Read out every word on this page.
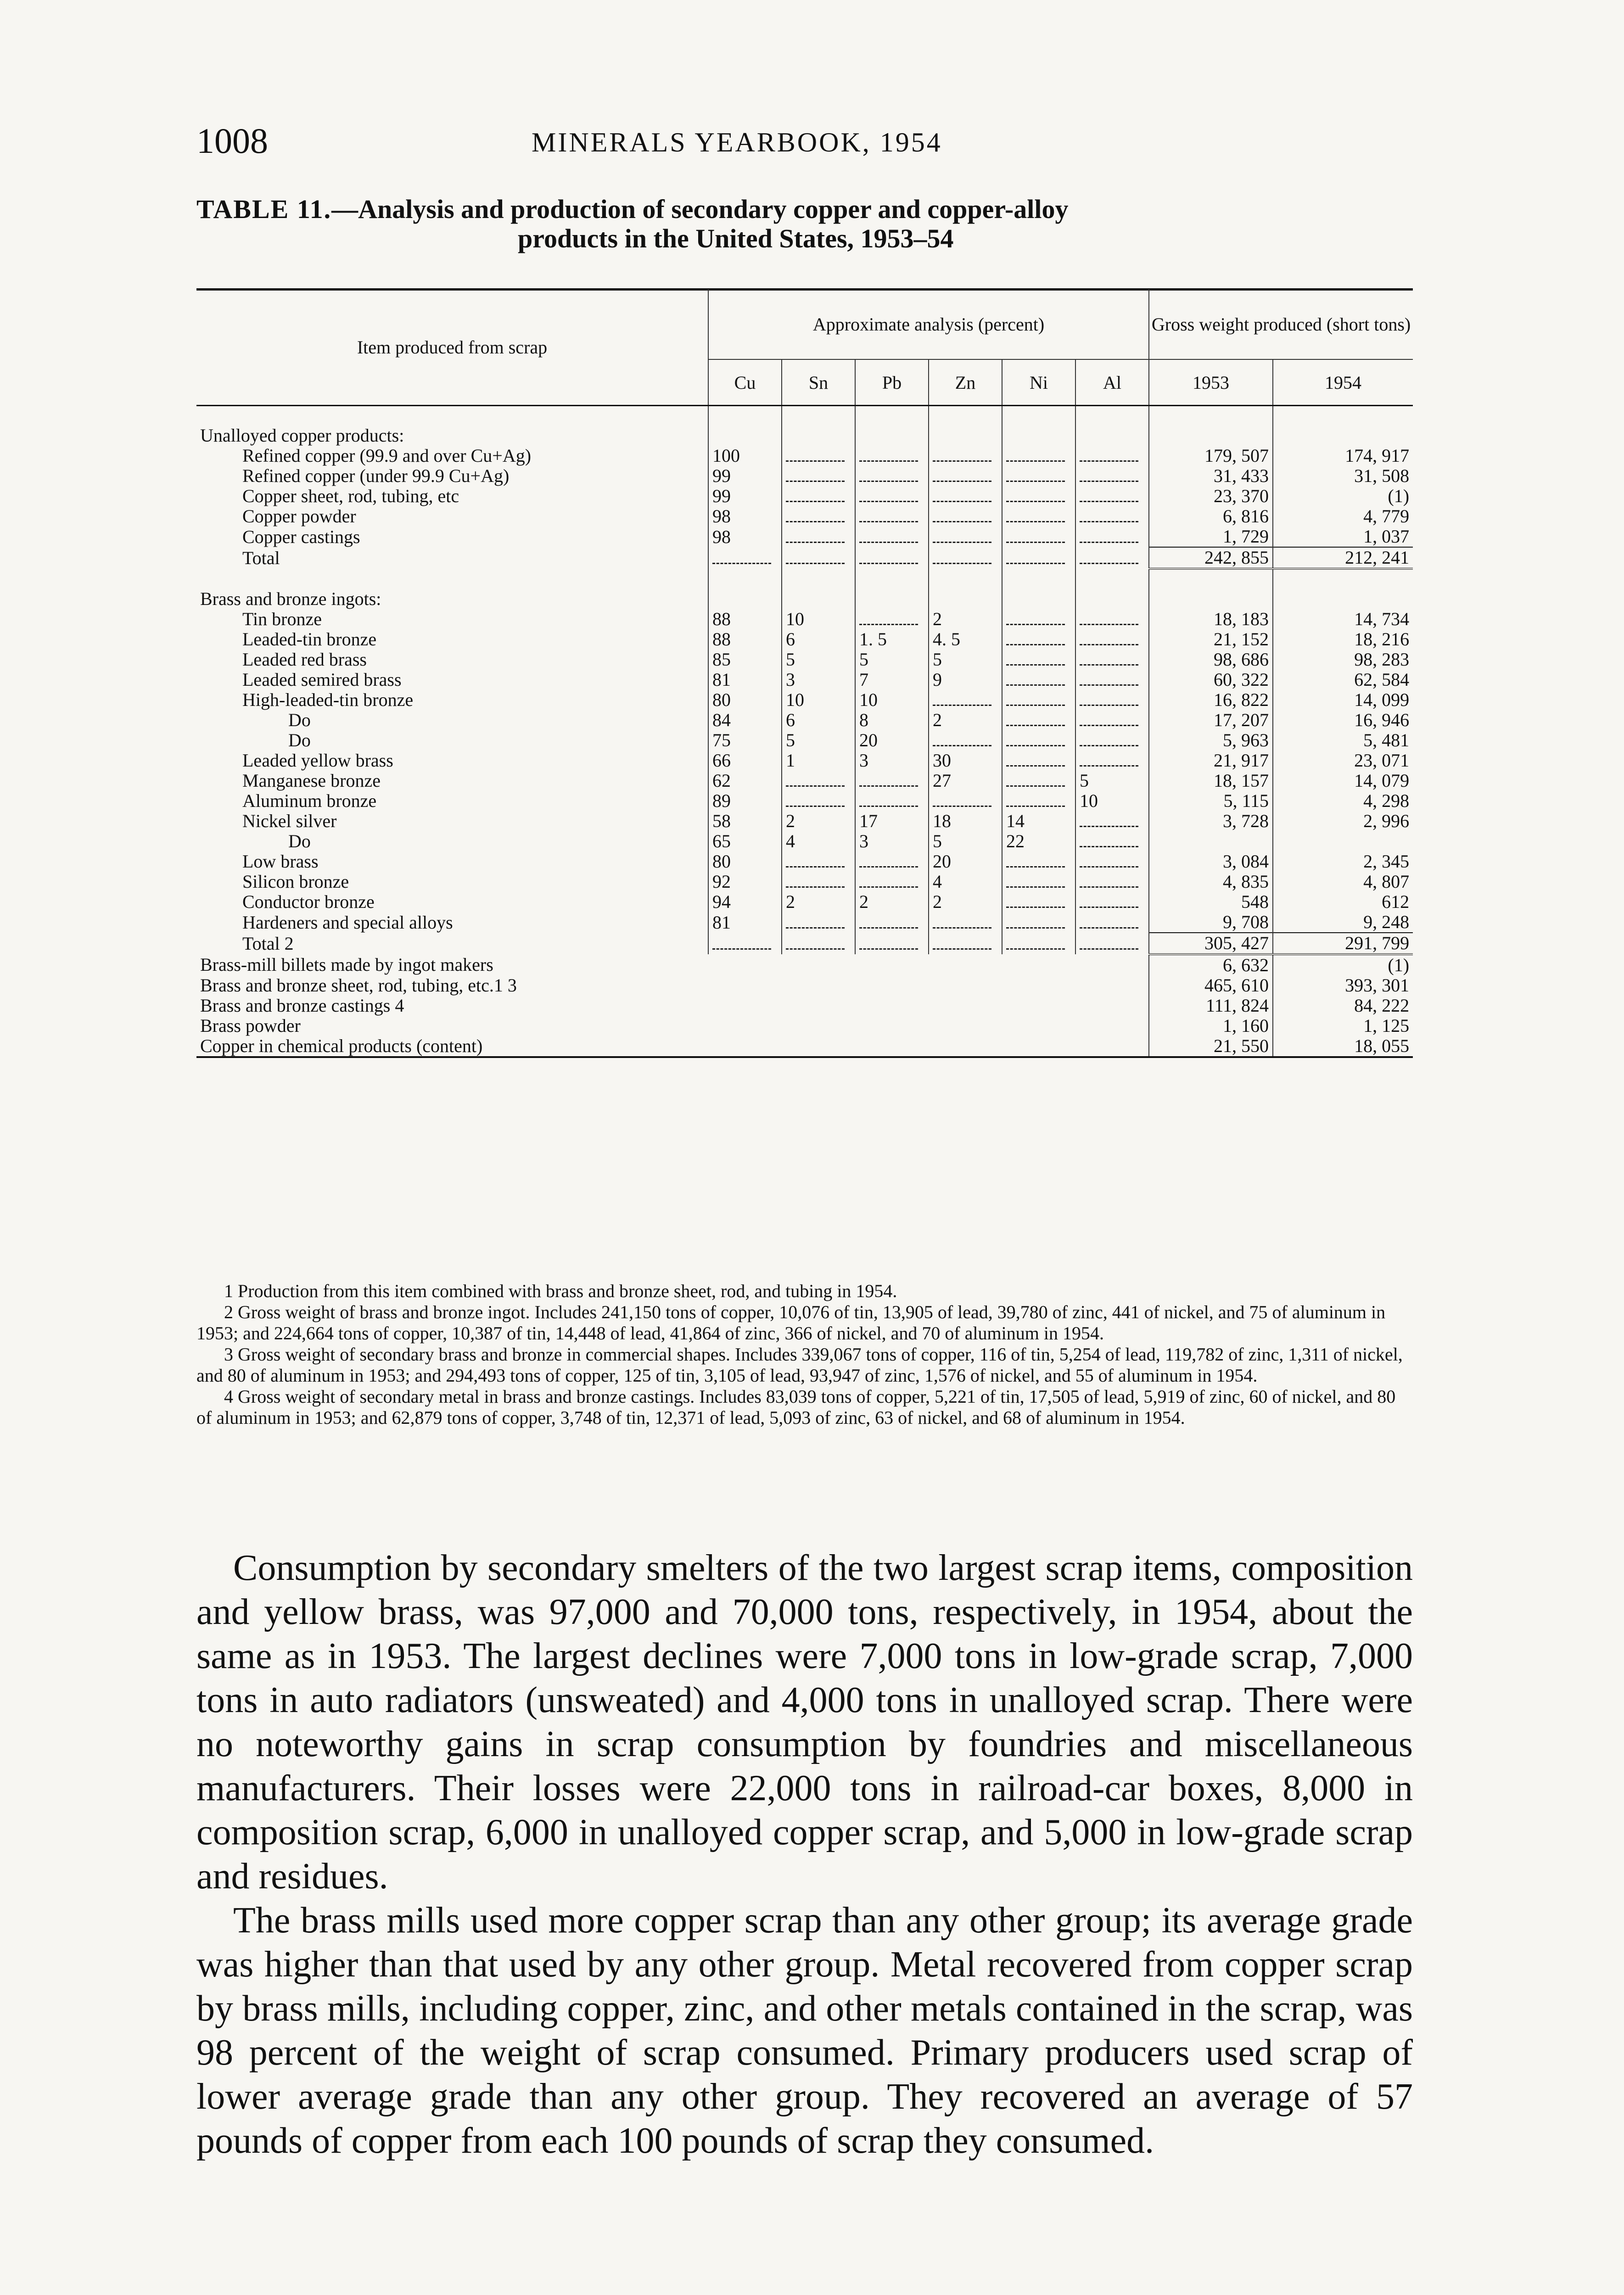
1008	MINERALS YEARBOOK, 1954
TABLE 11.—Analysis and production of secondary copper and copper-alloy
products in the United States, 1953–54
Item produced from scrap	Approximate analysis (percent)						Gross weight produced (short tons)	
	Cu	Sn	Pb	Zn	Ni	Al	1953	1954

Unalloyed copper products:								
Refined copper (99.9 and over Cu+Ag)	100						179, 507	174, 917
Refined copper (under 99.9 Cu+Ag)	99						31, 433	31, 508
Copper sheet, rod, tubing, etc	99						23, 370	(1)
Copper powder	98						6, 816	4, 779
Copper castings	98						1, 729	1, 037
Total							242, 855	212, 241

Brass and bronze ingots:								
Tin bronze	88	10		2			18, 183	14, 734
Leaded-tin bronze	88	6	1. 5	4. 5			21, 152	18, 216
Leaded red brass	85	5	5	5			98, 686	98, 283
Leaded semired brass	81	3	7	9			60, 322	62, 584
High-leaded-tin bronze	80	10	10				16, 822	14, 099
Do	84	6	8	2			17, 207	16, 946
Do	75	5	20				5, 963	5, 481
Leaded yellow brass	66	1	3	30			21, 917	23, 071
Manganese bronze	62			27		5	18, 157	14, 079
Aluminum bronze	89					10	5, 115	4, 298
Nickel silver	58	2	17	18	14		3, 728	2, 996
Do	65	4	3	5	22			
Low brass	80			20			3, 084	2, 345
Silicon bronze	92			4			4, 835	4, 807
Conductor bronze	94	2	2	2			548	612
Hardeners and special alloys	81						9, 708	9, 248
Total 2							305, 427	291, 799
Brass-mill billets made by ingot makers							6, 632	(1)
Brass and bronze sheet, rod, tubing, etc.1 3							465, 610	393, 301
Brass and bronze castings 4							111, 824	84, 222
Brass powder							1, 160	1, 125
Copper in chemical products (content)							21, 550	18, 055

1 Production from this item combined with brass and bronze sheet, rod, and tubing in 1954.

2 Gross weight of brass and bronze ingot. Includes 241,150 tons of copper, 10,076 of tin, 13,905 of lead, 39,780 of zinc, 441 of nickel, and 75 of aluminum in 1953; and 224,664 tons of copper, 10,387 of tin, 14,448 of lead, 41,864 of zinc, 366 of nickel, and 70 of aluminum in 1954.

3 Gross weight of secondary brass and bronze in commercial shapes. Includes 339,067 tons of copper, 116 of tin, 5,254 of lead, 119,782 of zinc, 1,311 of nickel, and 80 of aluminum in 1953; and 294,493 tons of copper, 125 of tin, 3,105 of lead, 93,947 of zinc, 1,576 of nickel, and 55 of aluminum in 1954.

4 Gross weight of secondary metal in brass and bronze castings. Includes 83,039 tons of copper, 5,221 of tin, 17,505 of lead, 5,919 of zinc, 60 of nickel, and 80 of aluminum in 1953; and 62,879 tons of copper, 3,748 of tin, 12,371 of lead, 5,093 of zinc, 63 of nickel, and 68 of aluminum in 1954.

Consumption by secondary smelters of the two largest scrap items, composition and yellow brass, was 97,000 and 70,000 tons, respectively, in 1954, about the same as in 1953. The largest declines were 7,000 tons in low-grade scrap, 7,000 tons in auto radiators (unsweated) and 4,000 tons in unalloyed scrap. There were no noteworthy gains in scrap consumption by foundries and miscellaneous manufacturers. Their losses were 22,000 tons in railroad-car boxes, 8,000 in composition scrap, 6,000 in unalloyed copper scrap, and 5,000 in low-grade scrap and residues.

The brass mills used more copper scrap than any other group; its average grade was higher than that used by any other group. Metal recovered from copper scrap by brass mills, including copper, zinc, and other metals contained in the scrap, was 98 percent of the weight of scrap consumed. Primary producers used scrap of lower average grade than any other group. They recovered an average of 57 pounds of copper from each 100 pounds of scrap they consumed.
